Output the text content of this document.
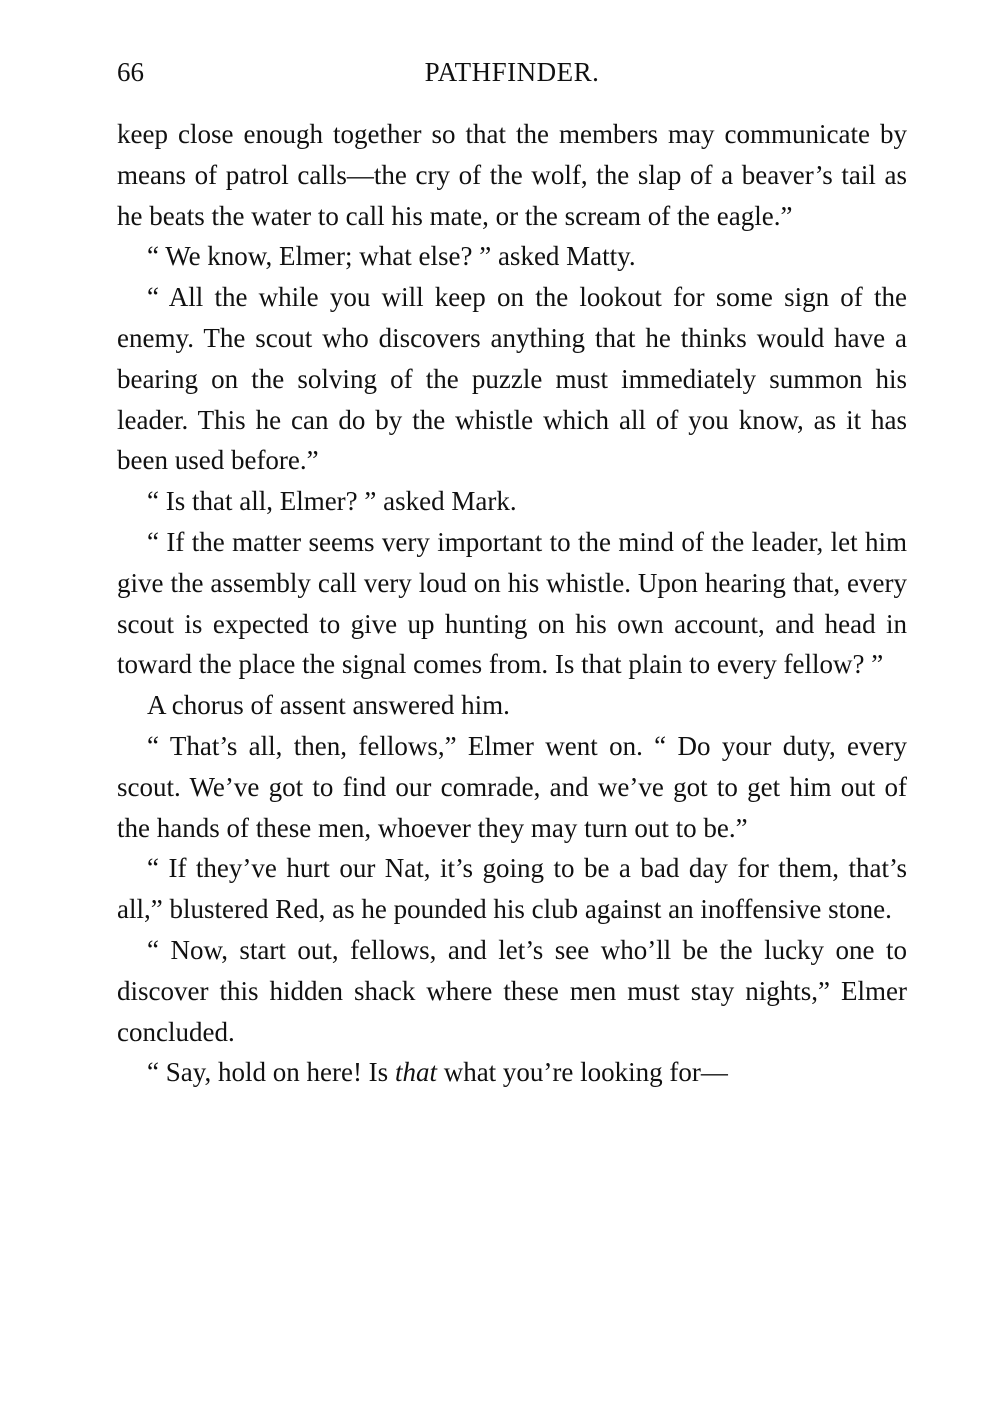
66	PATHFINDER.

keep close enough together so that the members may communicate by means of patrol calls—the cry of the wolf, the slap of a beaver’s tail as he beats the water to call his mate, or the scream of the eagle.”

“ We know, Elmer; what else? ” asked Matty.

“ All the while you will keep on the lookout for some sign of the enemy. The scout who discovers anything that he thinks would have a bearing on the solving of the puzzle must immediately summon his leader. This he can do by the whistle which all of you know, as it has been used before.”

“ Is that all, Elmer? ” asked Mark.

“ If the matter seems very important to the mind of the leader, let him give the assembly call very loud on his whistle. Upon hearing that, every scout is expected to give up hunting on his own account, and head in toward the place the signal comes from. Is that plain to every fellow? ”

A chorus of assent answered him.

“ That’s all, then, fellows,” Elmer went on. “ Do your duty, every scout. We’ve got to find our comrade, and we’ve got to get him out of the hands of these men, whoever they may turn out to be.”

“ If they’ve hurt our Nat, it’s going to be a bad day for them, that’s all,” blustered Red, as he pounded his club against an inoffensive stone.

“ Now, start out, fellows, and let’s see who’ll be the lucky one to discover this hidden shack where these men must stay nights,” Elmer concluded.

“ Say, hold on here! Is that what you’re looking for—
